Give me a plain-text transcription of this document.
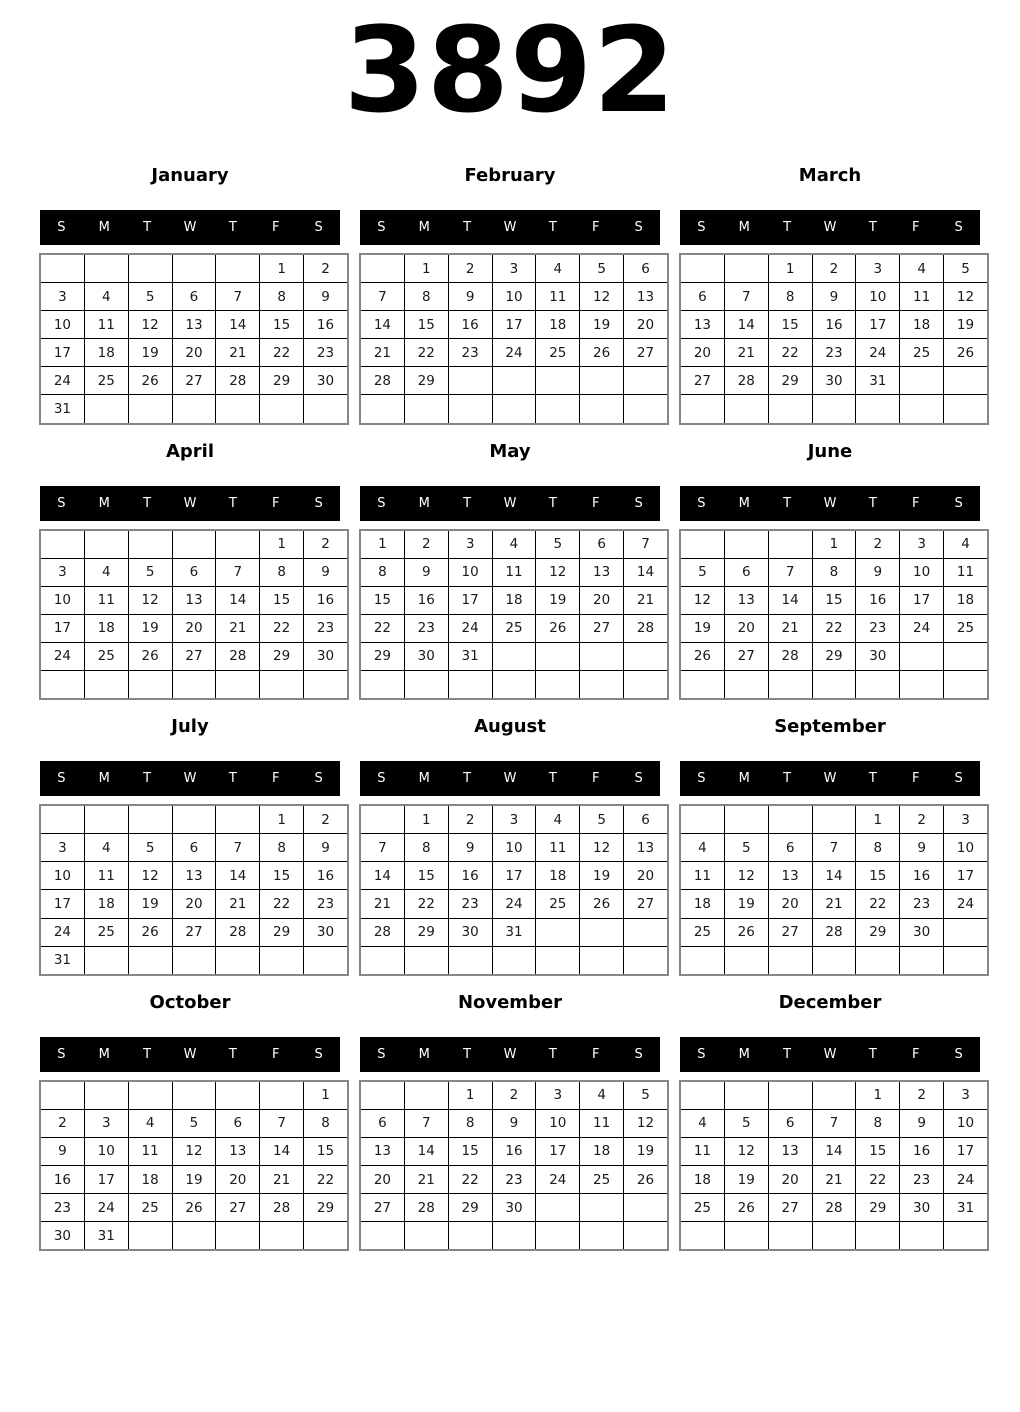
3892
January
S	M	T	W	T	F	S
					1	2
3	4	5	6	7	8	9
10	11	12	13	14	15	16
17	18	19	20	21	22	23
24	25	26	27	28	29	30
31						
February
S	M	T	W	T	F	S
	1	2	3	4	5	6
7	8	9	10	11	12	13
14	15	16	17	18	19	20
21	22	23	24	25	26	27
28	29					

March
S	M	T	W	T	F	S
		1	2	3	4	5
6	7	8	9	10	11	12
13	14	15	16	17	18	19
20	21	22	23	24	25	26
27	28	29	30	31		

April
S	M	T	W	T	F	S
					1	2
3	4	5	6	7	8	9
10	11	12	13	14	15	16
17	18	19	20	21	22	23
24	25	26	27	28	29	30

May
S	M	T	W	T	F	S
1	2	3	4	5	6	7
8	9	10	11	12	13	14
15	16	17	18	19	20	21
22	23	24	25	26	27	28
29	30	31				

June
S	M	T	W	T	F	S
			1	2	3	4
5	6	7	8	9	10	11
12	13	14	15	16	17	18
19	20	21	22	23	24	25
26	27	28	29	30		

July
S	M	T	W	T	F	S
					1	2
3	4	5	6	7	8	9
10	11	12	13	14	15	16
17	18	19	20	21	22	23
24	25	26	27	28	29	30
31						
August
S	M	T	W	T	F	S
	1	2	3	4	5	6
7	8	9	10	11	12	13
14	15	16	17	18	19	20
21	22	23	24	25	26	27
28	29	30	31			

September
S	M	T	W	T	F	S
				1	2	3
4	5	6	7	8	9	10
11	12	13	14	15	16	17
18	19	20	21	22	23	24
25	26	27	28	29	30	

October
S	M	T	W	T	F	S
						1
2	3	4	5	6	7	8
9	10	11	12	13	14	15
16	17	18	19	20	21	22
23	24	25	26	27	28	29
30	31					
November
S	M	T	W	T	F	S
		1	2	3	4	5
6	7	8	9	10	11	12
13	14	15	16	17	18	19
20	21	22	23	24	25	26
27	28	29	30			

December
S	M	T	W	T	F	S
				1	2	3
4	5	6	7	8	9	10
11	12	13	14	15	16	17
18	19	20	21	22	23	24
25	26	27	28	29	30	31
